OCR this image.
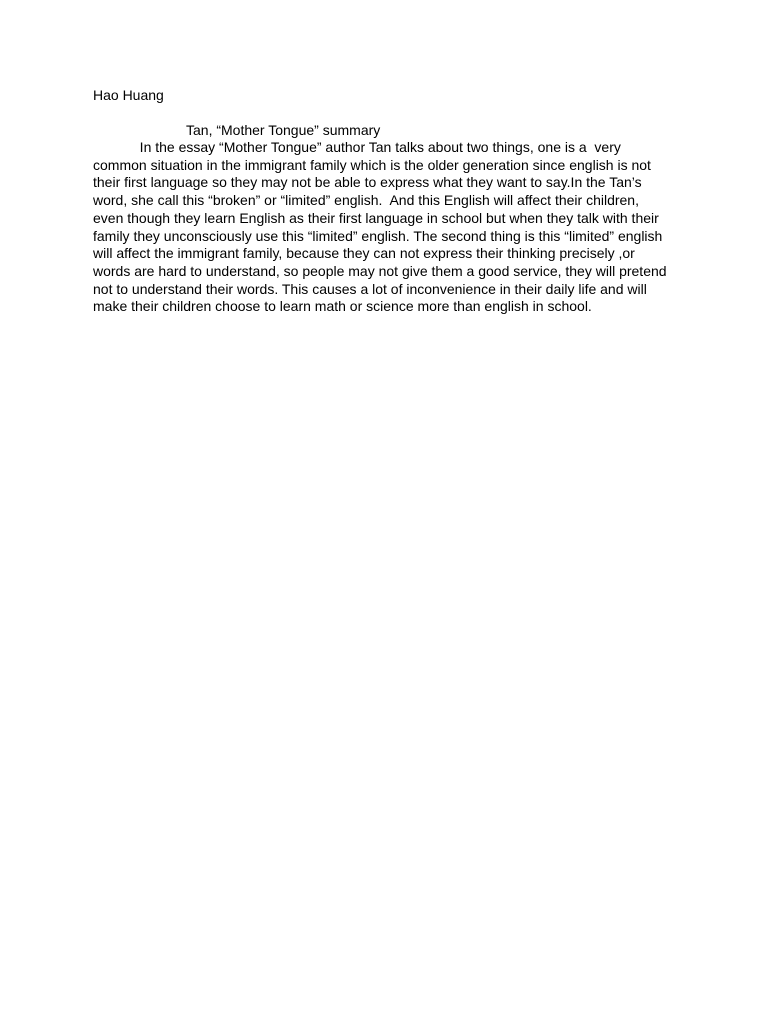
Hao Huang
Tan, “Mother Tongue” summary
In the essay “Mother Tongue” author Tan talks about two things, one is a  very
common situation in the immigrant family which is the older generation since english is not
their first language so they may not be able to express what they want to say.In the Tan’s
word, she call this “broken” or “limited” english.  And this English will affect their children,
even though they learn English as their first language in school but when they talk with their
family they unconsciously use this “limited” english. The second thing is this “limited” english
will affect the immigrant family, because they can not express their thinking precisely ,or
words are hard to understand, so people may not give them a good service, they will pretend
not to understand their words. This causes a lot of inconvenience in their daily life and will
make their children choose to learn math or science more than english in school.
